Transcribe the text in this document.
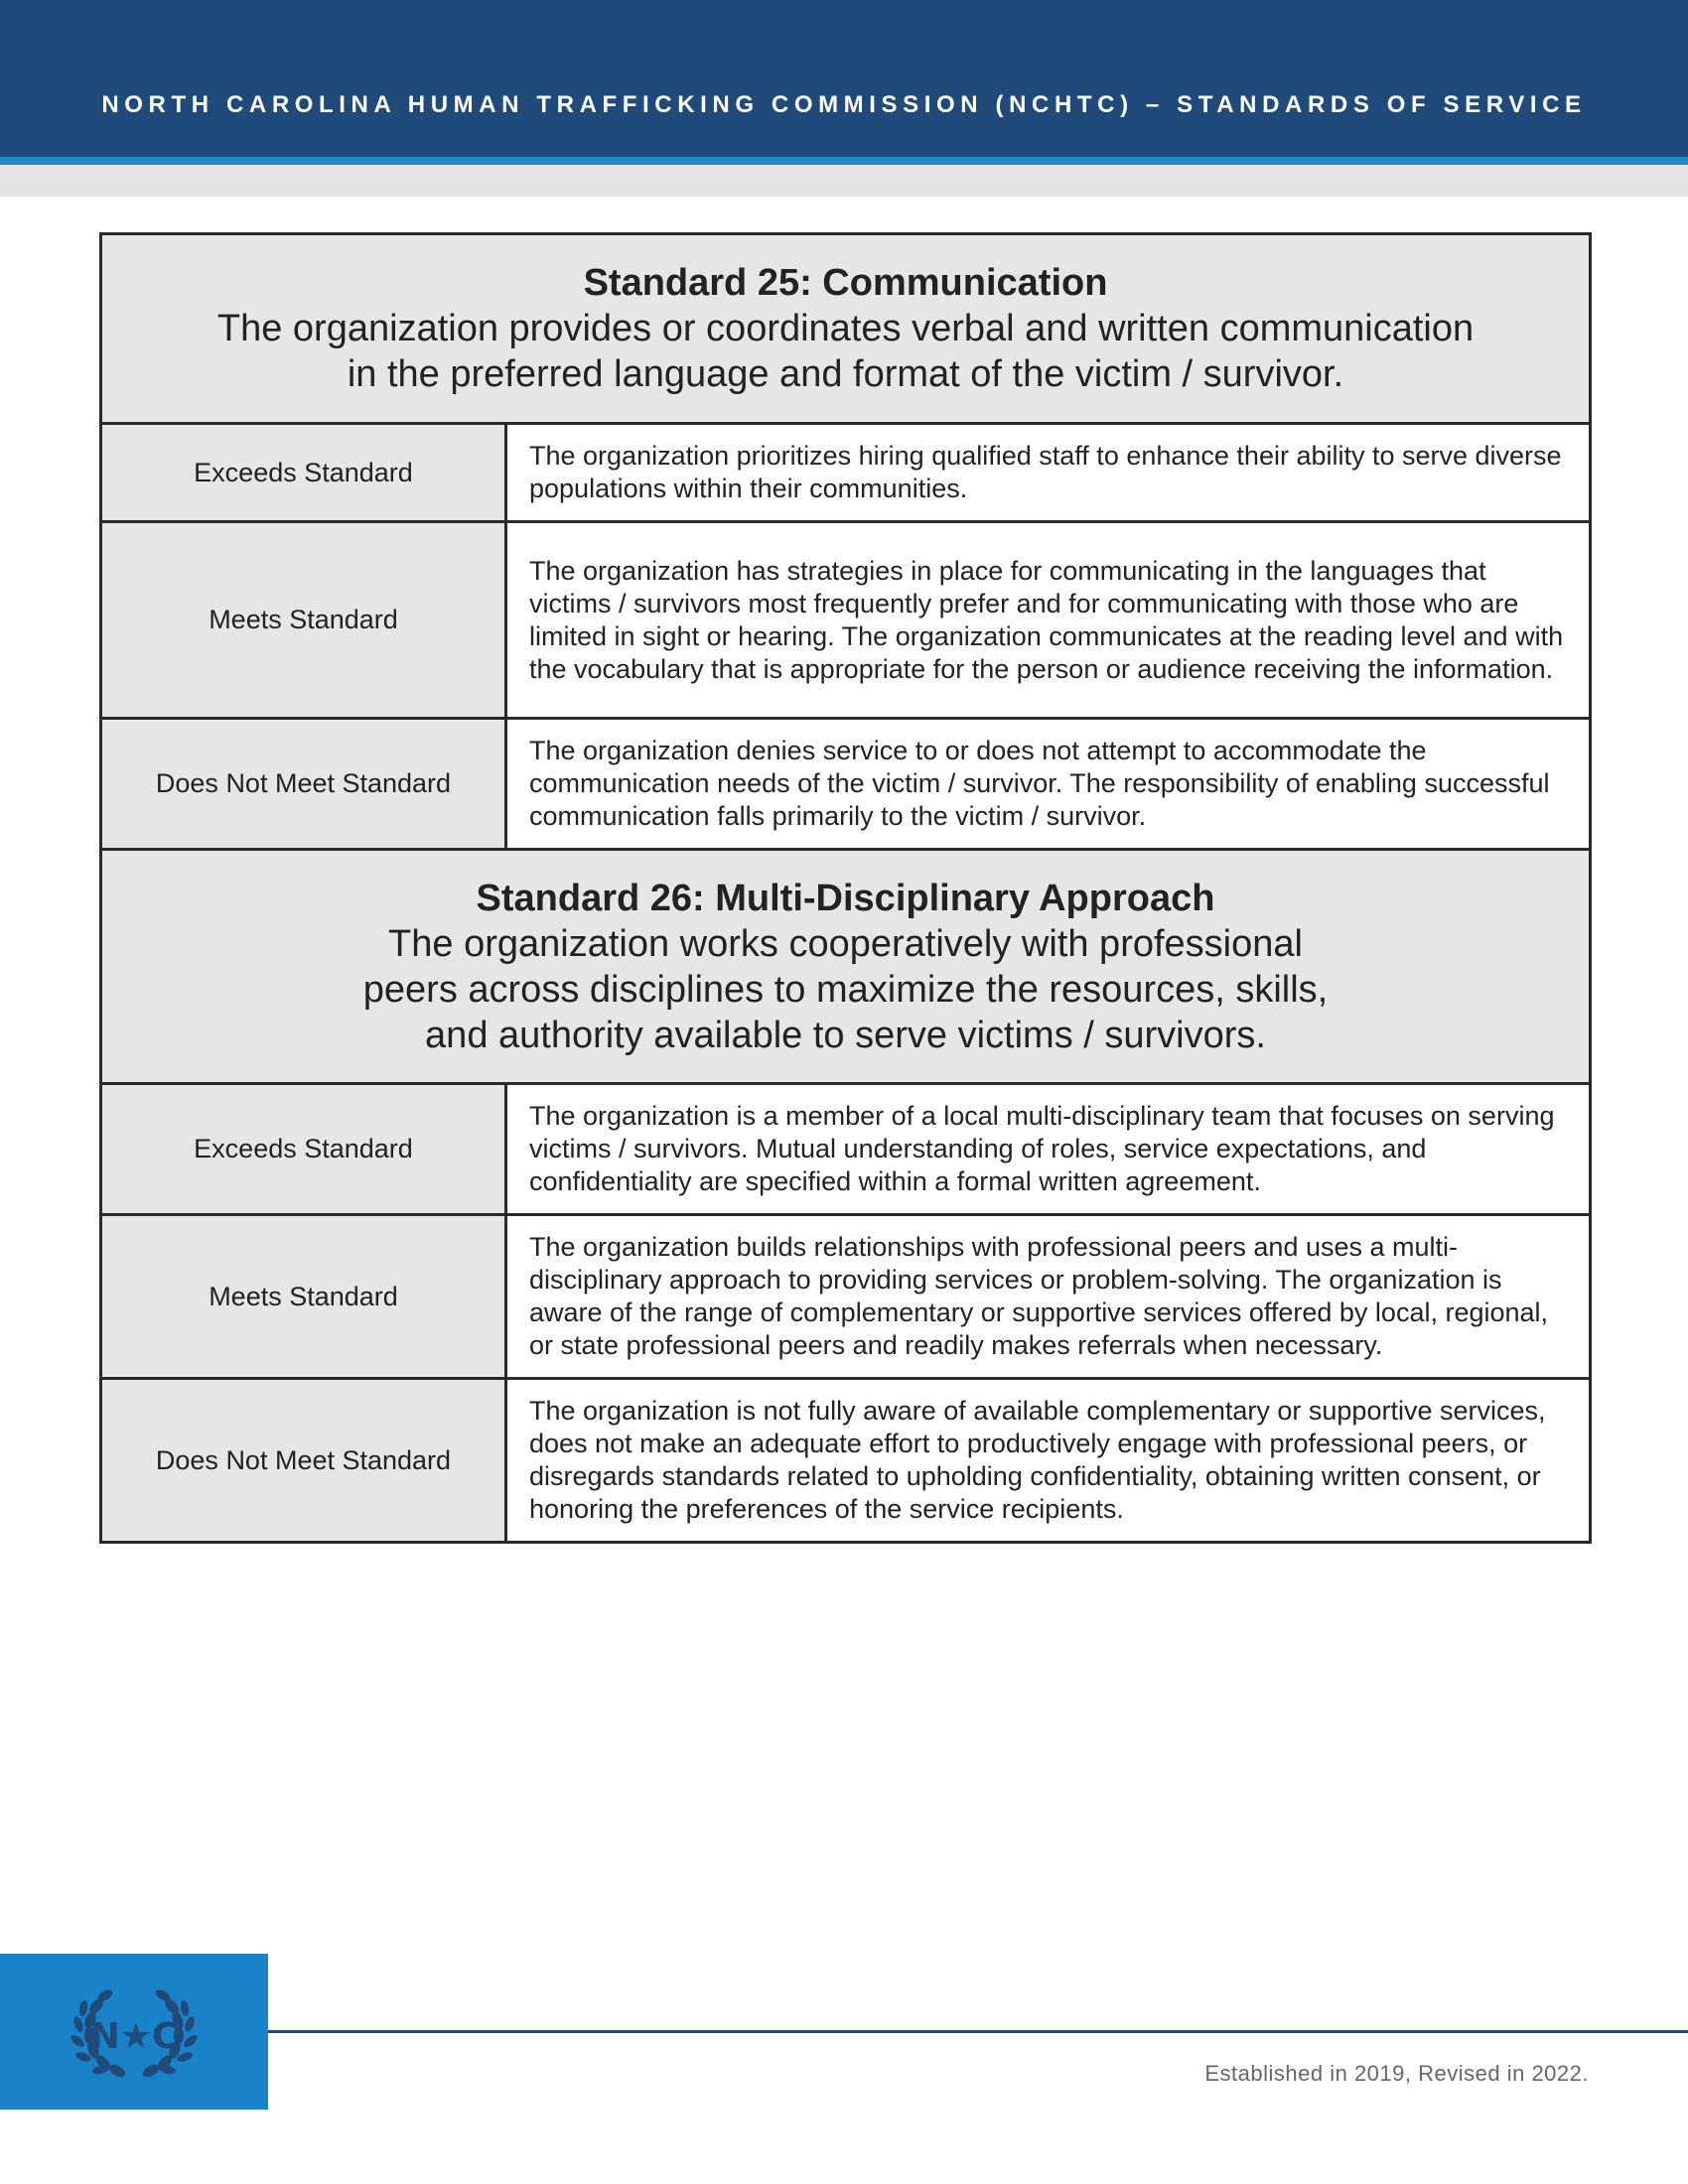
NORTH CAROLINA HUMAN TRAFFICKING COMMISSION (NCHTC) – STANDARDS OF SERVICE
Standard 25: Communication
The organization provides or coordinates verbal and written communication
in the preferred language and format of the victim / survivor.	

Exceeds Standard	The organization prioritizes hiring qualified staff to enhance their ability to serve diverse populations within their communities.
Meets Standard	The organization has strategies in place for communicating in the languages that victims / survivors most frequently prefer and for communicating with those who are limited in sight or hearing. The organization communicates at the reading level and with the vocabulary that is appropriate for the person or audience receiving the information.
Does Not Meet Standard	The organization denies service to or does not attempt to accommodate the communication needs of the victim / survivor. The responsibility of enabling successful communication falls primarily to the victim / survivor.

Standard 26: Multi-Disciplinary Approach
The organization works cooperatively with professional
peers across disciplines to maximize the resources, skills,
and authority available to serve victims / survivors.	

Exceeds Standard	The organization is a member of a local multi-disciplinary team that focuses on serving victims / survivors. Mutual understanding of roles, service expectations, and confidentiality are specified within a formal written agreement.
Meets Standard	The organization builds relationships with professional peers and uses a multi-disciplinary approach to providing services or problem-solving. The organization is aware of the range of complementary or supportive services offered by local, regional, or state professional peers and readily makes referrals when necessary.
Does Not Meet Standard	The organization is not fully aware of available complementary or supportive services, does not make an adequate effort to productively engage with professional peers, or disregards standards related to upholding confidentiality, obtaining written consent, or honoring the preferences of the service recipients.
N★C
Established in 2019, Revised in 2022.
